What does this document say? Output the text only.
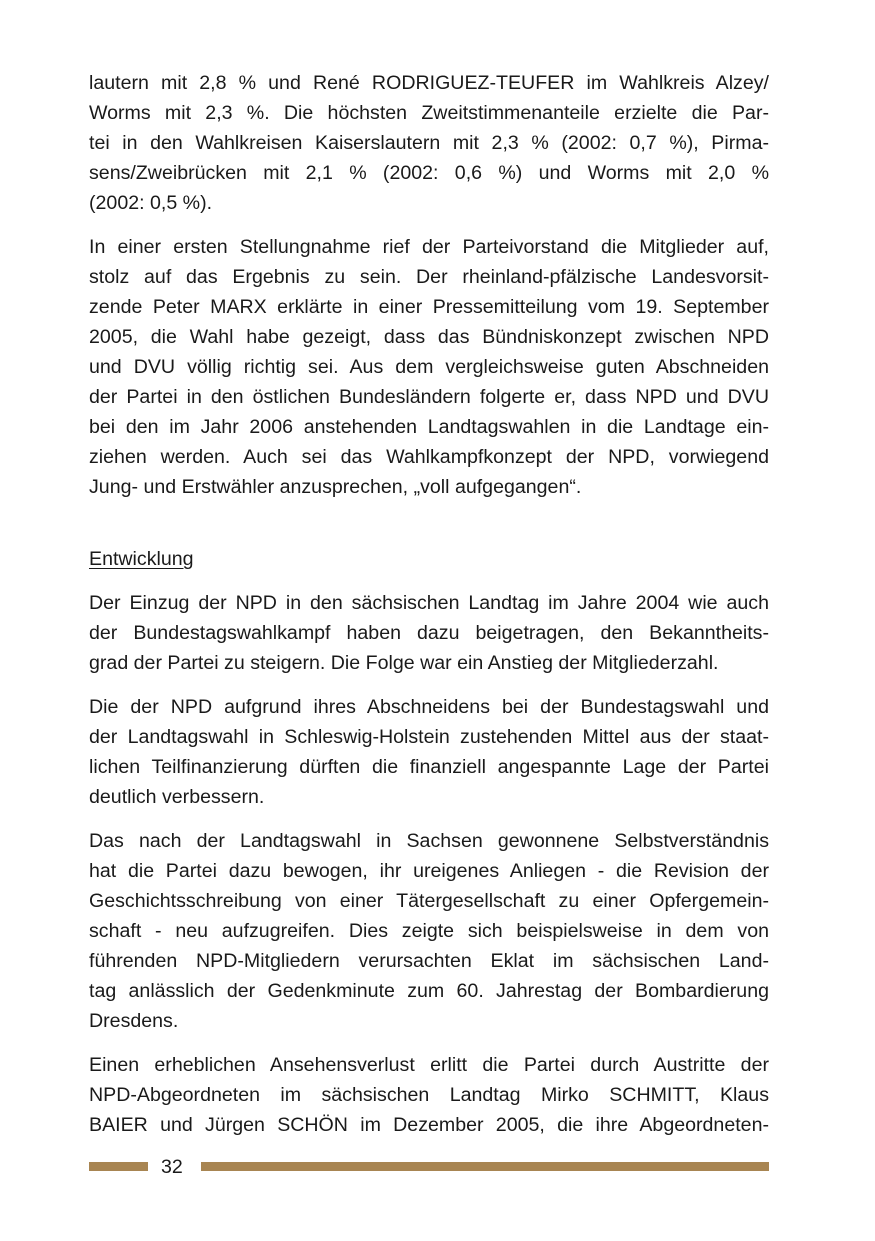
lautern mit 2,8 % und René RODRIGUEZ-TEUFER im Wahlkreis Alzey/
Worms mit 2,3 %. Die höchsten Zweitstimmenanteile erzielte die Par-
tei in den Wahlkreisen Kaiserslautern mit 2,3 % (2002: 0,7 %), Pirma-
sens/Zweibrücken mit 2,1 % (2002: 0,6 %) und Worms mit 2,0 %
(2002: 0,5 %).

In einer ersten Stellungnahme rief der Parteivorstand die Mitglieder auf,
stolz auf das Ergebnis zu sein. Der rheinland-pfälzische Landesvorsit-
zende Peter MARX erklärte in einer Pressemitteilung vom 19. September
2005, die Wahl habe gezeigt, dass das Bündniskonzept zwischen NPD
und DVU völlig richtig sei. Aus dem vergleichsweise guten Abschneiden
der Partei in den östlichen Bundesländern folgerte er, dass NPD und DVU
bei den im Jahr 2006 anstehenden Landtagswahlen in die Landtage ein-
ziehen werden. Auch sei das Wahlkampfkonzept der NPD, vorwiegend
Jung- und Erstwähler anzusprechen, „voll aufgegangen“.

Entwicklung

Der Einzug der NPD in den sächsischen Landtag im Jahre 2004 wie auch
der Bundestagswahlkampf haben dazu beigetragen, den Bekanntheits-
grad der Partei zu steigern. Die Folge war ein Anstieg der Mitgliederzahl.

Die der NPD aufgrund ihres Abschneidens bei der Bundestagswahl und
der Landtagswahl in Schleswig-Holstein zustehenden Mittel aus der staat-
lichen Teilfinanzierung dürften die finanziell angespannte Lage der Partei
deutlich verbessern.

Das nach der Landtagswahl in Sachsen gewonnene Selbstverständnis
hat die Partei dazu bewogen, ihr ureigenes Anliegen - die Revision der
Geschichtsschreibung von einer Tätergesellschaft zu einer Opfergemein-
schaft - neu aufzugreifen. Dies zeigte sich beispielsweise in dem von
führenden NPD-Mitgliedern verursachten Eklat im sächsischen Land-
tag anlässlich der Gedenkminute zum 60. Jahrestag der Bombardierung
Dresdens.

Einen erheblichen Ansehensverlust erlitt die Partei durch Austritte der
NPD-Abgeordneten im sächsischen Landtag Mirko SCHMITT, Klaus
BAIER und Jürgen SCHÖN im Dezember 2005, die ihre Abgeordneten-

32
